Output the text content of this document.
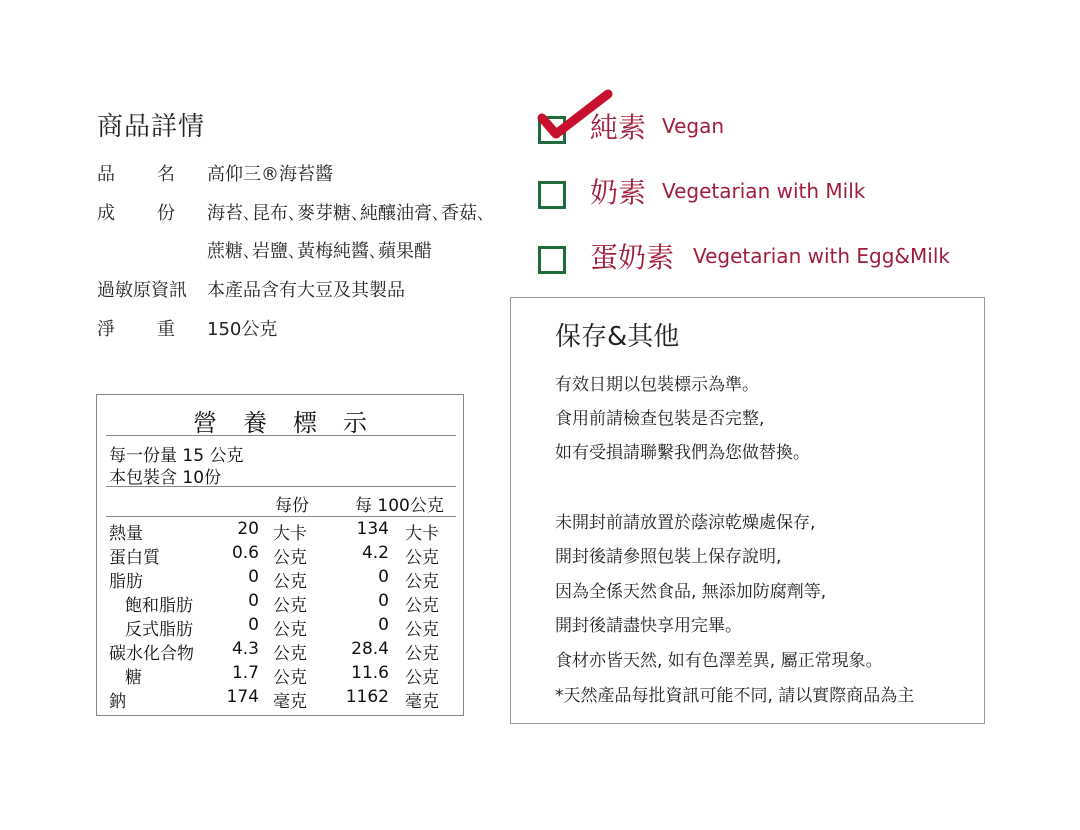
商品詳情
品 名 高仰三®海苔醬
成 份 海苔､昆布､麥芽糖､純釀油膏､香菇､
蔗糖､岩鹽､黃梅純醬､蘋果醋
過敏原資訊 本產品含有大豆及其製品
淨 重 150公克
營養標示
每一份量 15 公克
本包裝含 10份
每份	每 100公克
熱量	20 大卡	134 大卡
蛋白質	0.6 公克	4.2 公克
脂肪	0 公克	0 公克
飽和脂肪	0 公克	0 公克
反式脂肪	0 公克	0 公克
碳水化合物 4.3 公克	28.4 公克
糖	1.7 公克	11.6 公克
鈉	174 毫克 1162 毫克
純素 Vegan
奶素 Vegetarian with Milk
蛋奶素 Vegetarian with Egg&Milk
保存&其他
有效日期以包裝標示為準。
食用前請檢查包裝是否完整,
如有受損請聯繫我們為您做替換。
未開封前請放置於蔭涼乾燥處保存,
開封後請參照包裝上保存說明,
因為全係天然食品, 無添加防腐劑等,
開封後請盡快享用完畢。
食材亦皆天然, 如有色澤差異, 屬正常現象。
*天然產品每批資訊可能不同, 請以實際商品為主
